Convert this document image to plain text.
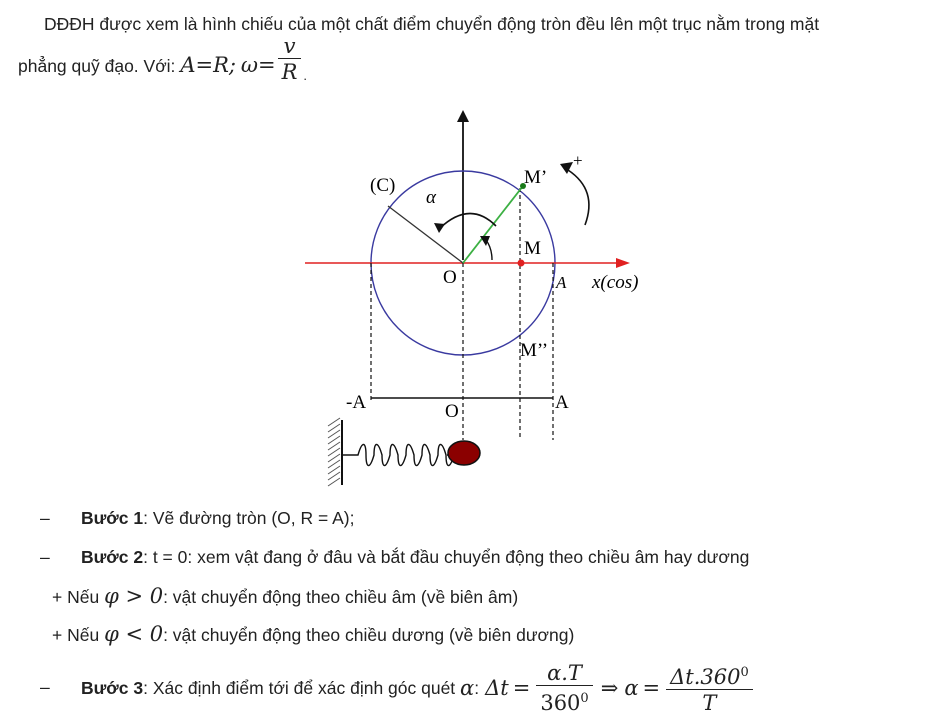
DĐĐH được xem là hình chiếu của một chất điểm chuyển động tròn đều lên một trục nằm trong mặt
phẳng quỹ đạo. Với: A=R; $\omega= \frac{v}{R} _.$
(C)
α
M’
+
M
O	A x(cos)
M’’
-A	O	A
– Bước 1: Vẽ đường tròn (O, R = A);
– Bước 2: t = 0: xem vật đang ở đâu và bắt đầu chuyển động theo chiều âm hay dương
+ Nếu φ > 0: vật chuyển động theo chiều âm (về biên âm)
+ Nếu φ < 0: vật chuyển động theo chiều dương (về biên dương)
– Bước 3 : Xác định điểm tới để xác định góc quét α : $\Delta t = \frac{\alpha.T}{360^0}$ ⇒ $\alpha = \frac{\Delta t.360^0}{T}$
